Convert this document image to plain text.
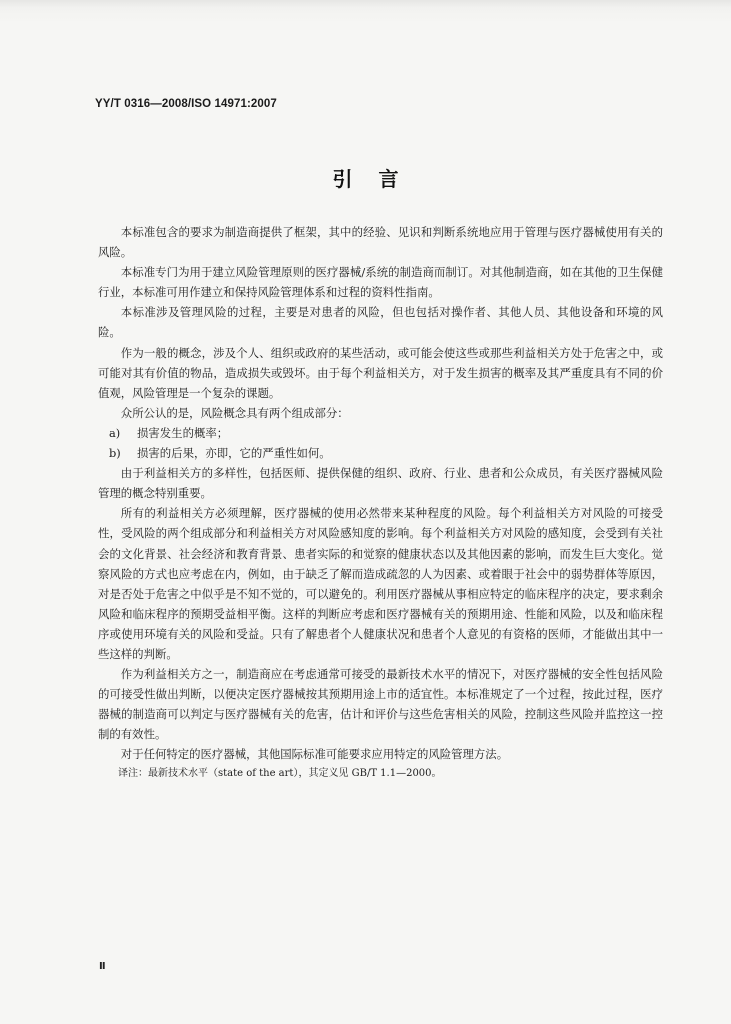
YY/T 0316—2008/ISO 14971:2007
引言

本标准包含的要求为制造商提供了框架，其中的经验、见识和判断系统地应用于管理与医疗器械使用有关的风险。

本标准专门为用于建立风险管理原则的医疗器械/系统的制造商而制订。对其他制造商，如在其他的卫生保健行业，本标准可用作建立和保持风险管理体系和过程的资料性指南。

本标准涉及管理风险的过程，主要是对患者的风险，但也包括对操作者、其他人员、其他设备和环境的风险。

作为一般的概念，涉及个人、组织或政府的某些活动，或可能会使这些或那些利益相关方处于危害之中，或可能对其有价值的物品，造成损失或毁坏。由于每个利益相关方，对于发生损害的概率及其严重度具有不同的价值观，风险管理是一个复杂的课题。

众所公认的是，风险概念具有两个组成部分：

a) 损害发生的概率；

b) 损害的后果，亦即，它的严重性如何。

由于利益相关方的多样性，包括医师、提供保健的组织、政府、行业、患者和公众成员，有关医疗器械风险管理的概念特别重要。

所有的利益相关方必须理解，医疗器械的使用必然带来某种程度的风险。每个利益相关方对风险的可接受性，受风险的两个组成部分和利益相关方对风险感知度的影响。每个利益相关方对风险的感知度，会受到有关社会的文化背景、社会经济和教育背景、患者实际的和觉察的健康状态以及其他因素的影响，而发生巨大变化。觉察风险的方式也应考虑在内，例如，由于缺乏了解而造成疏忽的人为因素、或着眼于社会中的弱势群体等原因，对是否处于危害之中似乎是不知不觉的，可以避免的。利用医疗器械从事相应特定的临床程序的决定，要求剩余风险和临床程序的预期受益相平衡。这样的判断应考虑和医疗器械有关的预期用途、性能和风险，以及和临床程序或使用环境有关的风险和受益。只有了解患者个人健康状况和患者个人意见的有资格的医师，才能做出其中一些这样的判断。

作为利益相关方之一，制造商应在考虑通常可接受的最新技术水平的情况下，对医疗器械的安全性包括风险的可接受性做出判断，以便决定医疗器械按其预期用途上市的适宜性。本标准规定了一个过程，按此过程，医疗器械的制造商可以判定与医疗器械有关的危害，估计和评价与这些危害相关的风险，控制这些风险并监控这一控制的有效性。

对于任何特定的医疗器械，其他国际标准可能要求应用特定的风险管理方法。

译注：最新技术水平（state of the art），其定义见 GB/T 1.1—2000。

Ⅱ
